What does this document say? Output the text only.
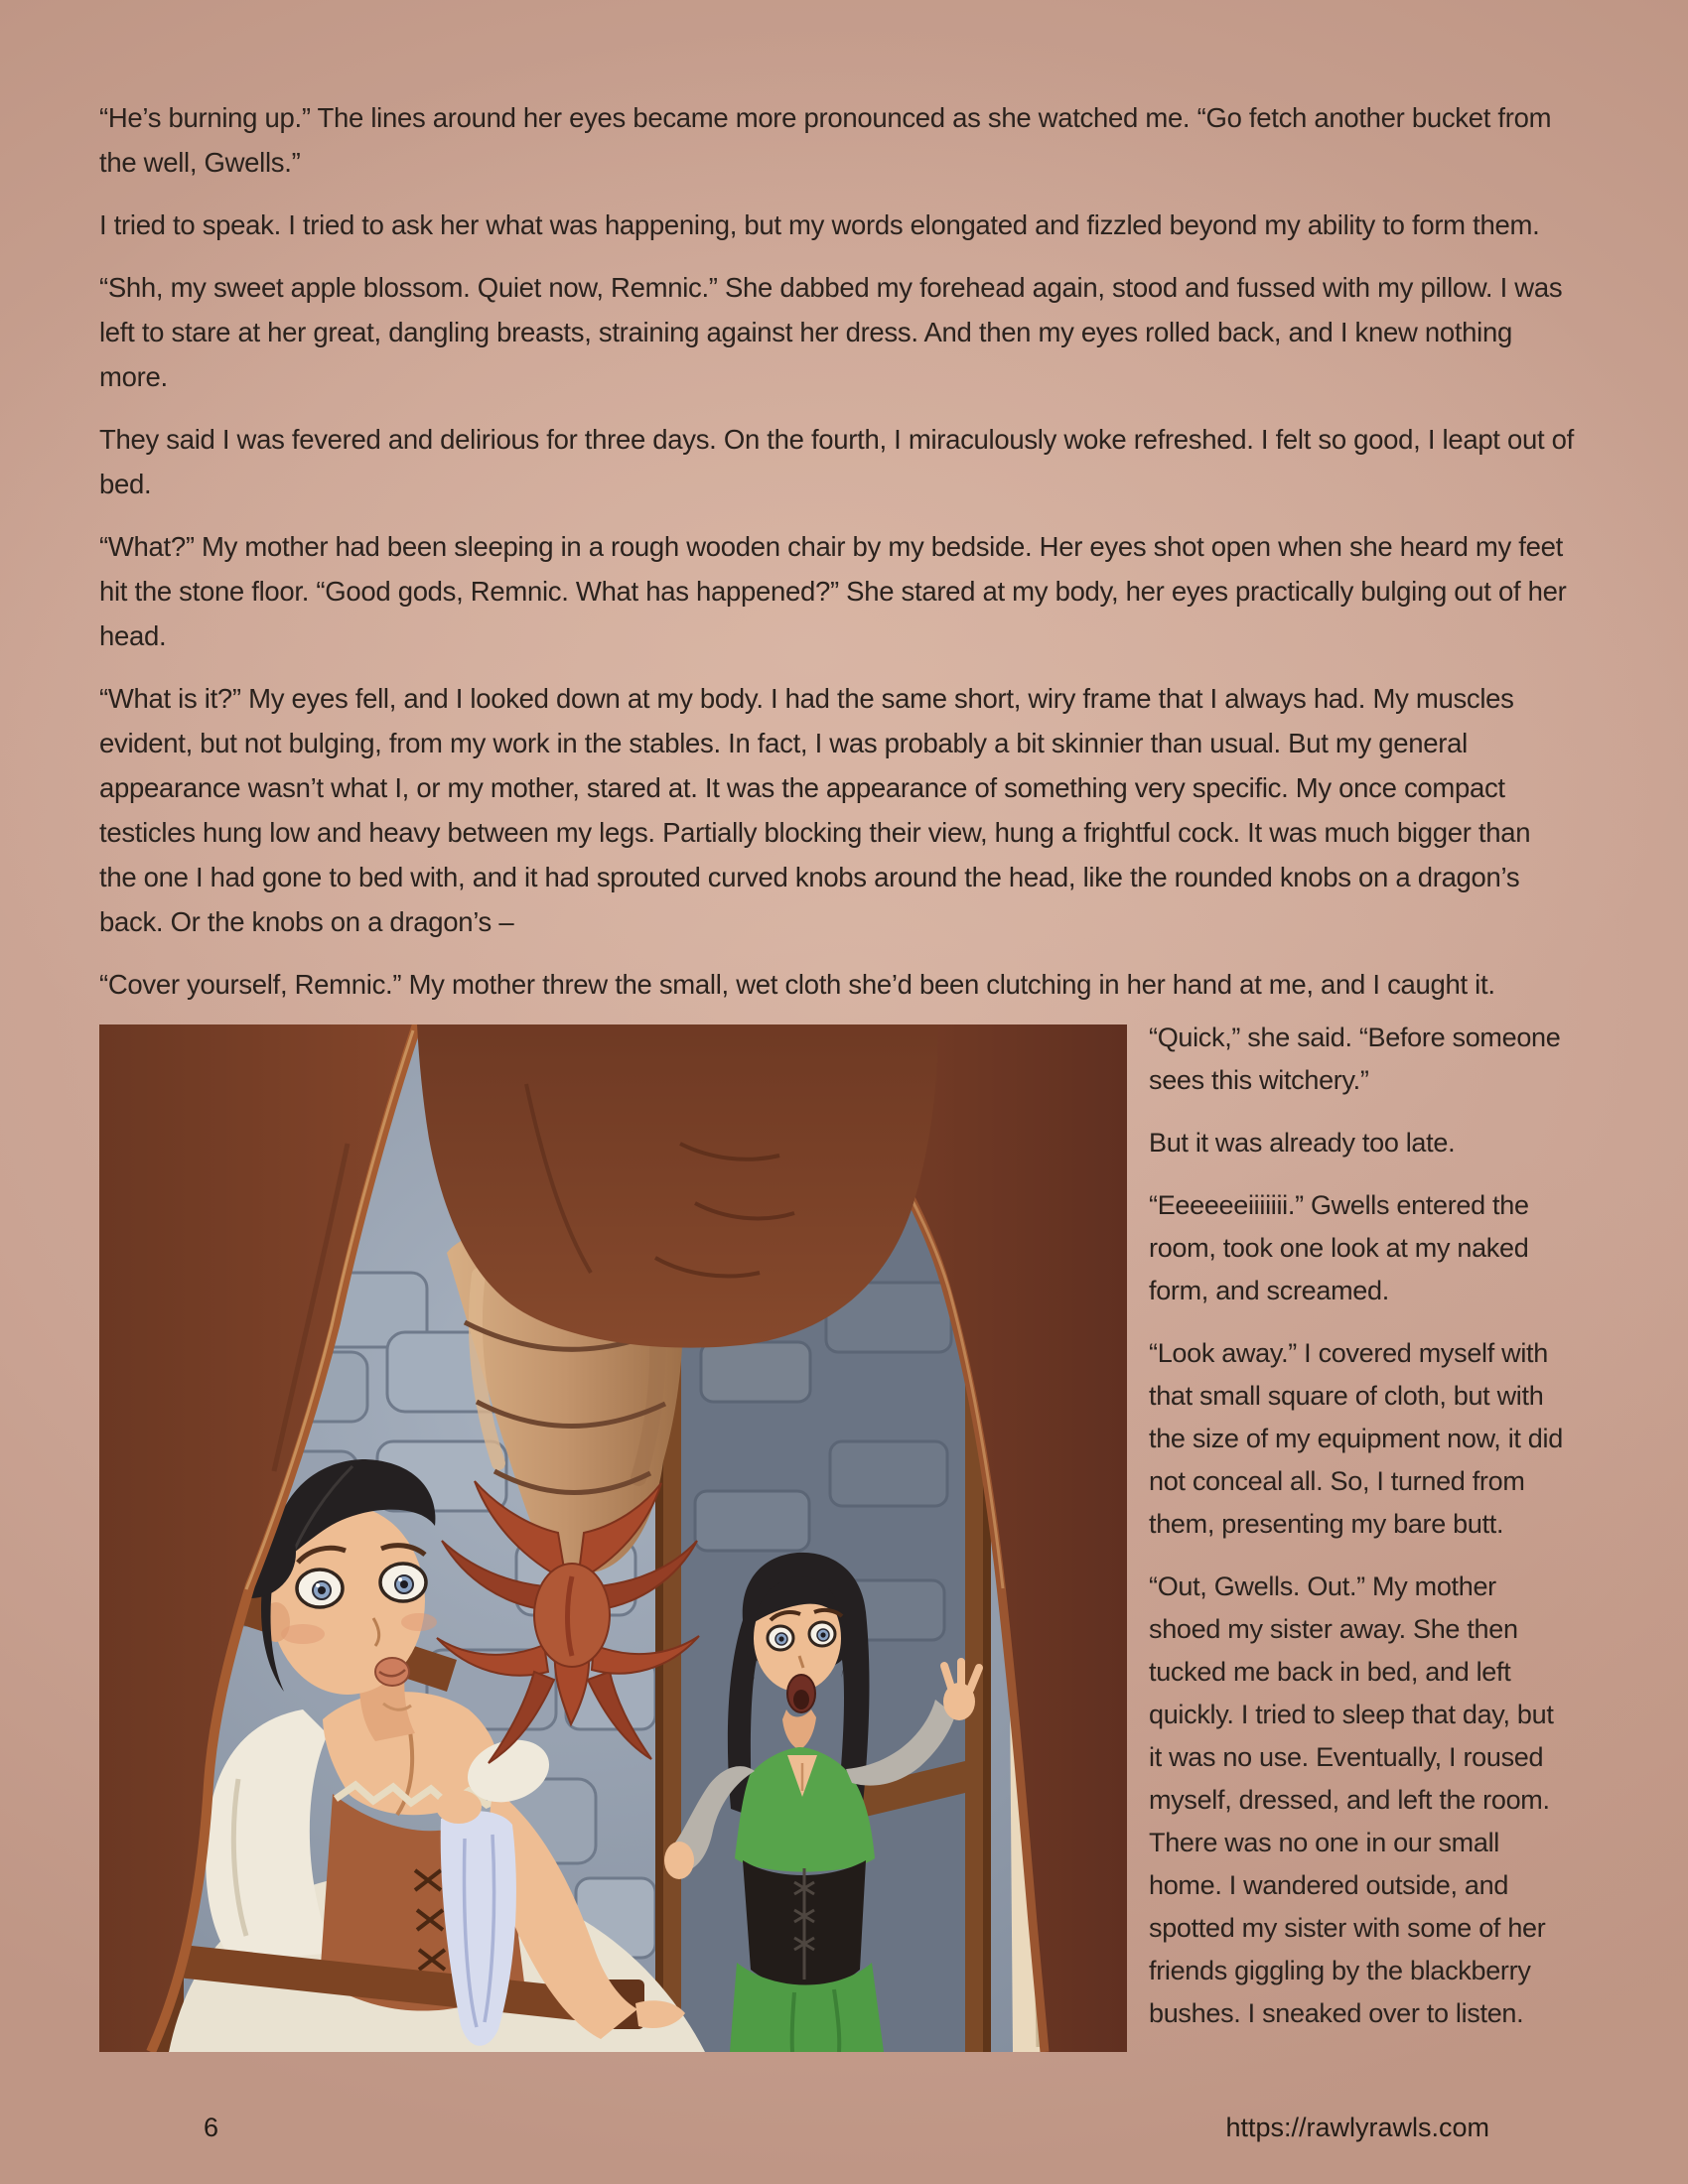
“He’s burning up.” The lines around her eyes became more pronounced as she watched me. “Go fetch another bucket from the well, Gwells.”

I tried to speak. I tried to ask her what was happening, but my words elongated and fizzled beyond my ability to form them.

“Shh, my sweet apple blossom. Quiet now, Remnic.” She dabbed my forehead again, stood and fussed with my pillow. I was left to stare at her great, dangling breasts, straining against her dress. And then my eyes rolled back, and I knew nothing more.

They said I was fevered and delirious for three days. On the fourth, I miraculously woke refreshed. I felt so good, I leapt out of bed.

“What?” My mother had been sleeping in a rough wooden chair by my bedside. Her eyes shot open when she heard my feet hit the stone floor. “Good gods, Remnic. What has happened?” She stared at my body, her eyes practically bulging out of her head.

“What is it?” My eyes fell, and I looked down at my body. I had the same short, wiry frame that I always had. My muscles evident, but not bulging, from my work in the stables. In fact, I was probably a bit skinnier than usual. But my general appearance wasn’t what I, or my mother, stared at. It was the appearance of something very specific. My once compact testicles hung low and heavy between my legs. Partially blocking their view, hung a frightful cock. It was much bigger than the one I had gone to bed with, and it had sprouted curved knobs around the head, like the rounded knobs on a dragon’s back. Or the knobs on a dragon’s –

“Cover yourself, Remnic.” My mother threw the small, wet cloth she’d been clutching in her hand at me, and I caught it.

“Quick,” she said. “Before someone sees this witchery.”

But it was already too late.

“Eeeeeeiiiiiii.” Gwells entered the room, took one look at my naked form, and screamed.

“Look away.” I covered myself with that small square of cloth, but with the size of my equipment now, it did not conceal all. So, I turned from them, presenting my bare butt.

“Out, Gwells. Out.” My mother shoed my sister away. She then tucked me back in bed, and left quickly. I tried to sleep that day, but it was no use. Eventually, I roused myself, dressed, and left the room. There was no one in our small home. I wandered outside, and spotted my sister with some of her friends giggling by the blackberry bushes. I sneaked over to listen.

6	https://rawlyrawls.com
